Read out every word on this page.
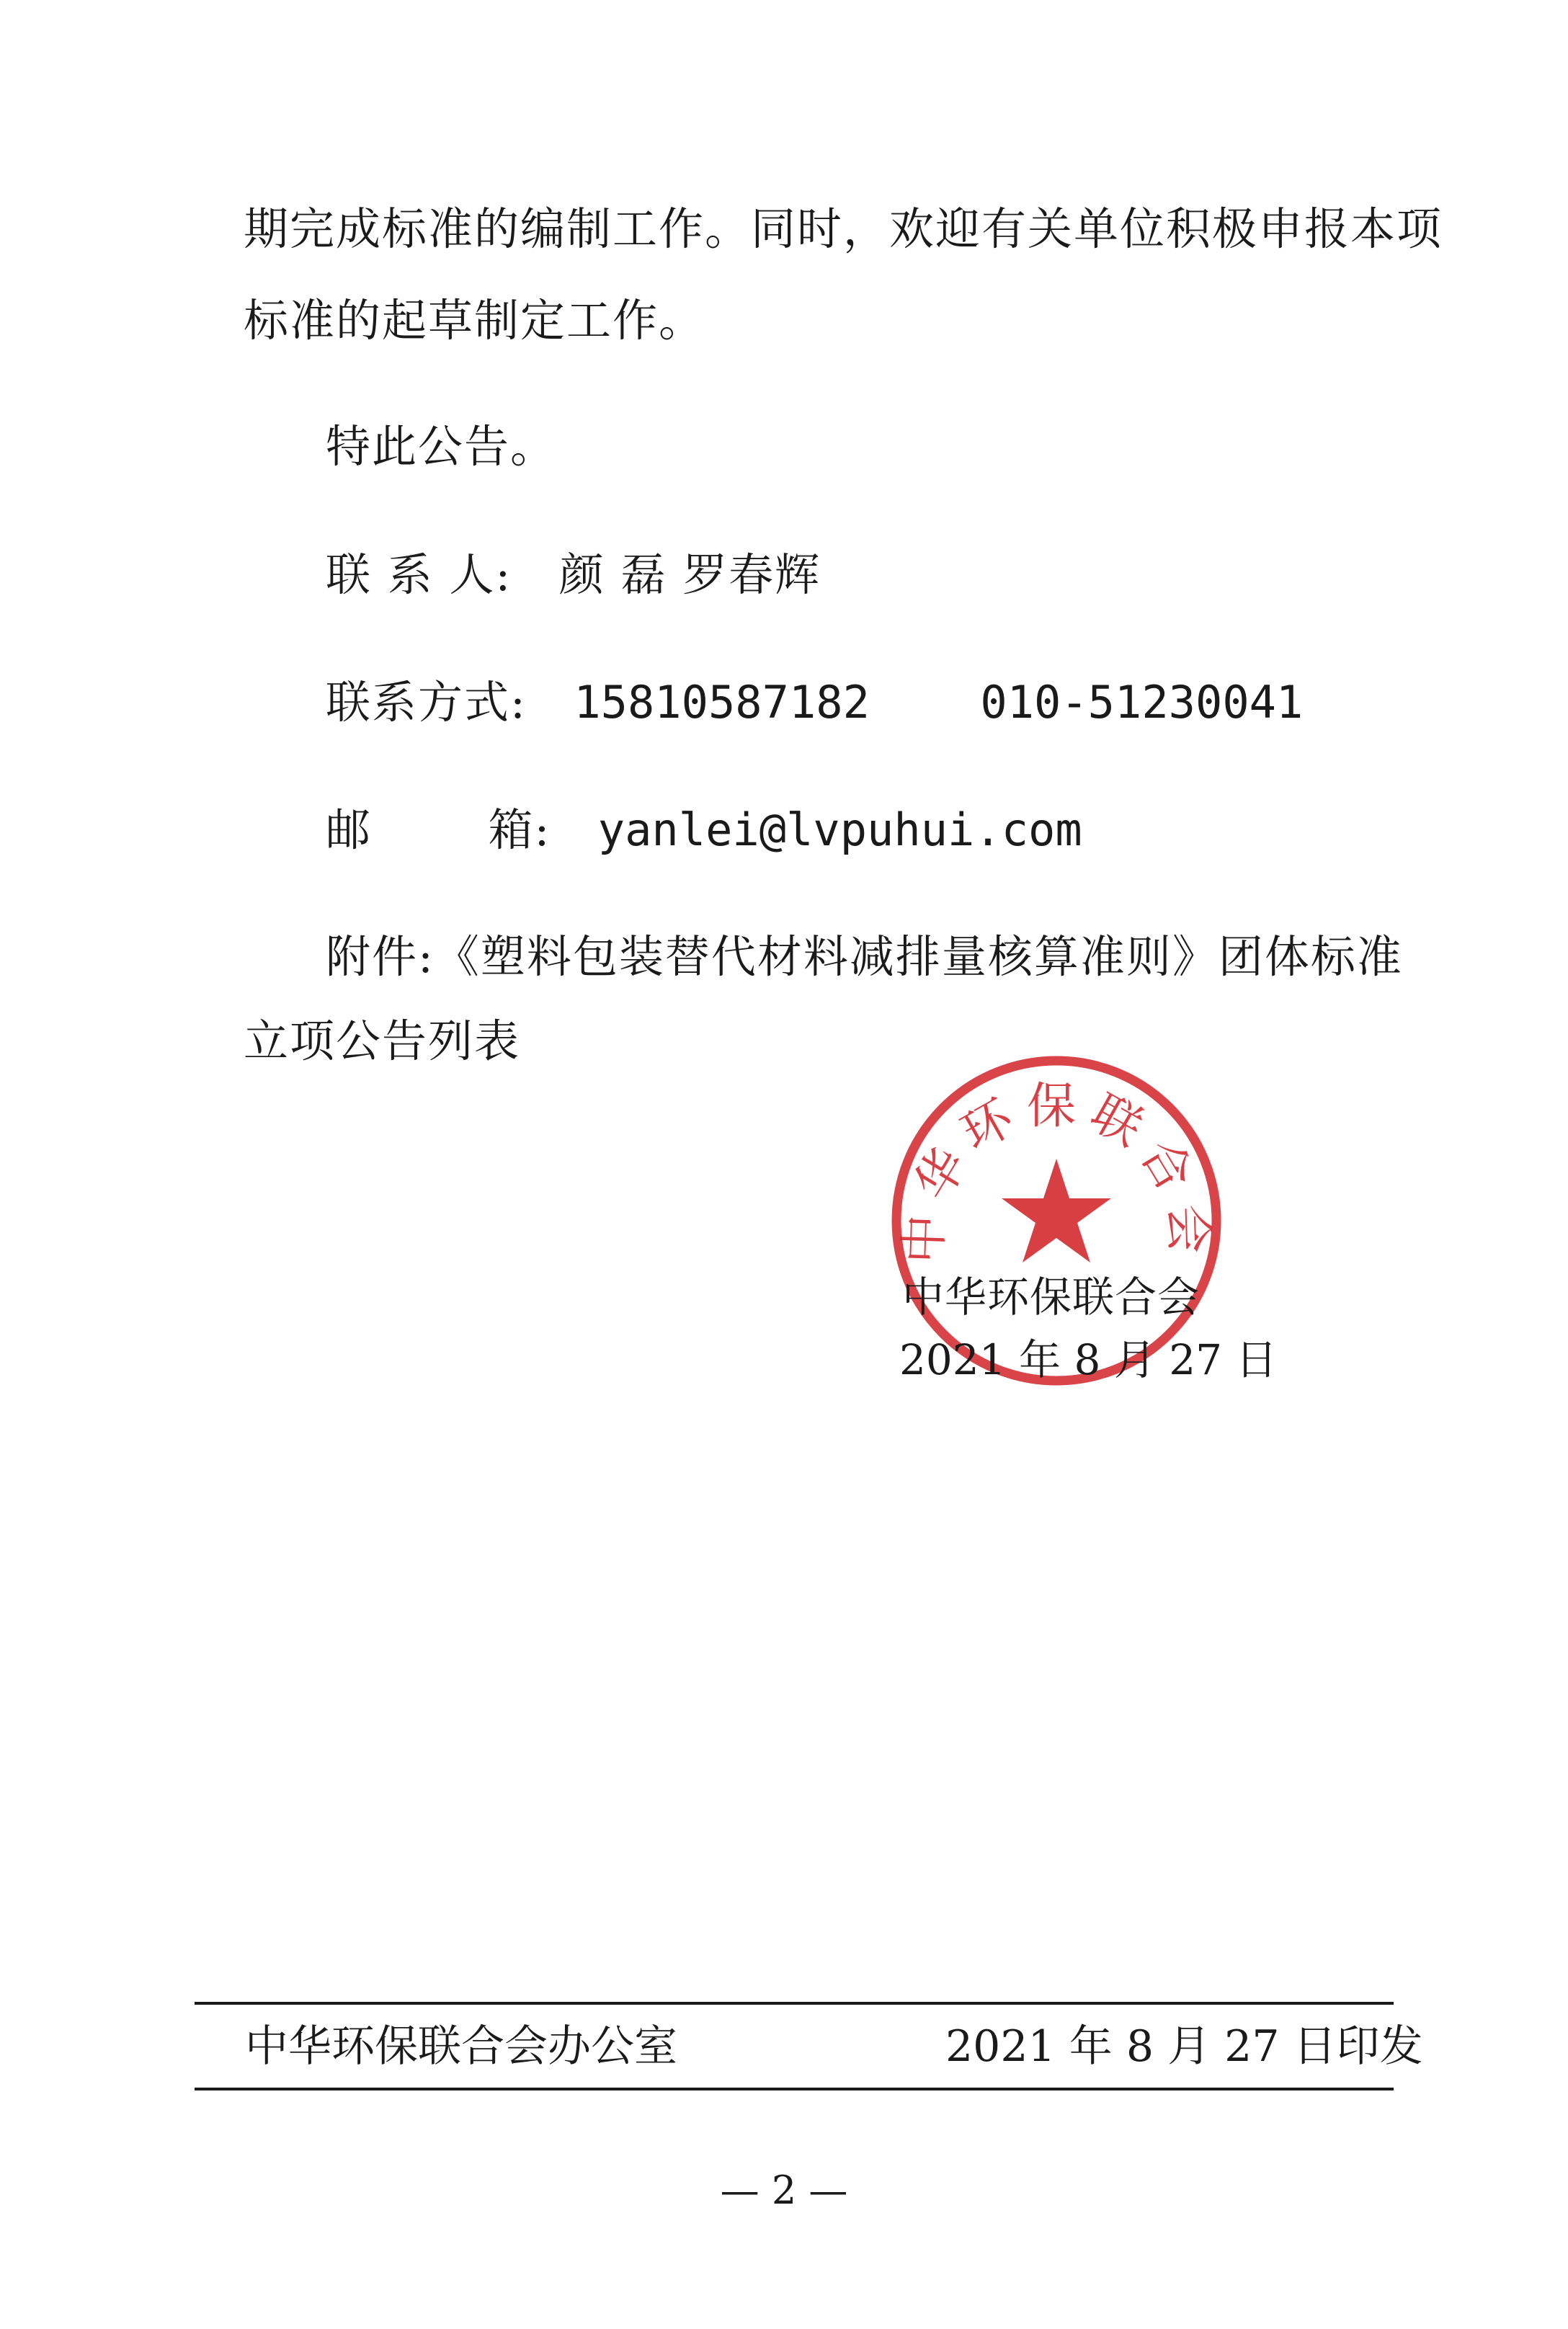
期完成标准的编制工作。同时，欢迎有关单位积极申报本项
标准的起草制定工作。
特此公告。
联 系 人: 颜 磊 罗春辉
联系方式: 15810587182 010-51230041
邮	箱: yanlei@lvpuhui.com
附件:《塑料包装替代材料减排量核算准则》团体标准
立项公告列表
中华环保联合会
中华环保联合会
2021 年 8 月 27 日
中华环保联合会办公室	2021 年 8 月 27 日印发
— 2 —
